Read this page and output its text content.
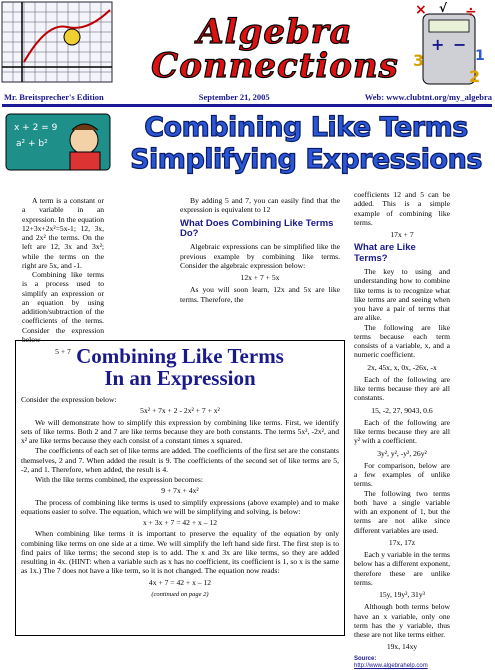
Algebra
Connections
× √ ÷
+ −
3	1
2
Mr. Breitsprecher's Edition	September 21, 2005	Web: www.clubtnt.org/my_algebra
x + 2 = 9
a² + b²
Combining Like Terms
Simplifying Expressions

A term is a constant or a variable in an expression. In the equation 12+3x+2x²=5x-1; 12, 3x, and 2x² the terms. On the left are 12, 3x and 3x²; while the terms on the right are 5x, and -1.

Combining like terms is a process used to simplify an expression or an equation by using addition/subtraction of the coefficients of the terms. Consider the expression below

5 + 7

By adding 5 and 7, you can easily find that the expression is equivalent to 12

What Does Combining Like Terms Do?

Algebraic expressions can be simplified like the previous example by combining like terms. Consider the algebraic expression below:

12x + 7 + 5x

As you will soon learn, 12x and 5x are like terms. Therefore, the

coefficients 12 and 5 can be added. This is a simple example of combining like terms.

17x + 7

What are Like Terms?

The key to using and understanding how to combine like terms is to recognize what like terms are and seeing when you have a pair of terms that are alike.

The following are like terms because each term consists of a variable, x, and a numeric coefficient.

2x, 45x, x, 0x, -26x, -x

Each of the following are like terms because they are all constants.

15, -2, 27, 9043, 0.6

Each of the following are like terms because they are all y² with a coefficient.

3y², y², -y², 26y²

For comparison, below are a few examples of unlike terms.

The following two terms both have a single variable with an exponent of 1, but the terms are not alike since different variables are used.

17x, 17z

Each y variable in the terms below has a different exponent, therefore these are unlike terms.

15y, 19y², 31y³

Although both terms below have an x variable, only one term has the y variable, thus these are not like terms either.

19x, 14xy

Source: http://www.algebrahelp.com

Combining Like Terms
In an Expression

Consider the expression below:

5x² + 7x + 2 - 2x² + 7 + x²

We will demonstrate how to simplify this expression by combining like terms. First, we identify sets of like terms. Both 2 and 7 are like terms because they are both constants. The terms 5x², -2x², and x² are like terms because they each consist of a constant times x squared.

The coefficients of each set of like terms are added. The coefficients of the first set are the constants themselves, 2 and 7. When added the result is 9. The coefficients of the second set of like terms are 5, -2, and 1. Therefore, when added, the result is 4.

With the like terms combined, the expression becomes:

9 + 7x + 4x²

The process of combining like terms is used to simplify expressions (above example) and to make equations easier to solve. The equation, which we will be simplifying and solving, is below:

x + 3x + 7 = 42 + x – 12

When combining like terms it is important to preserve the equality of the equation by only combining like terms on one side at a time. We will simplify the left hand side first. The first step is to find pairs of like terms; the second step is to add. The x and 3x are like terms, so they are added resulting in 4x. (HINT: when a variable such as x has no coefficient, its coefficient is 1, so x is the same as 1x.) The 7 does not have a like term, so it is not changed. The equation now reads:

4x + 7 = 42 + x – 12

(continued on page 2)
